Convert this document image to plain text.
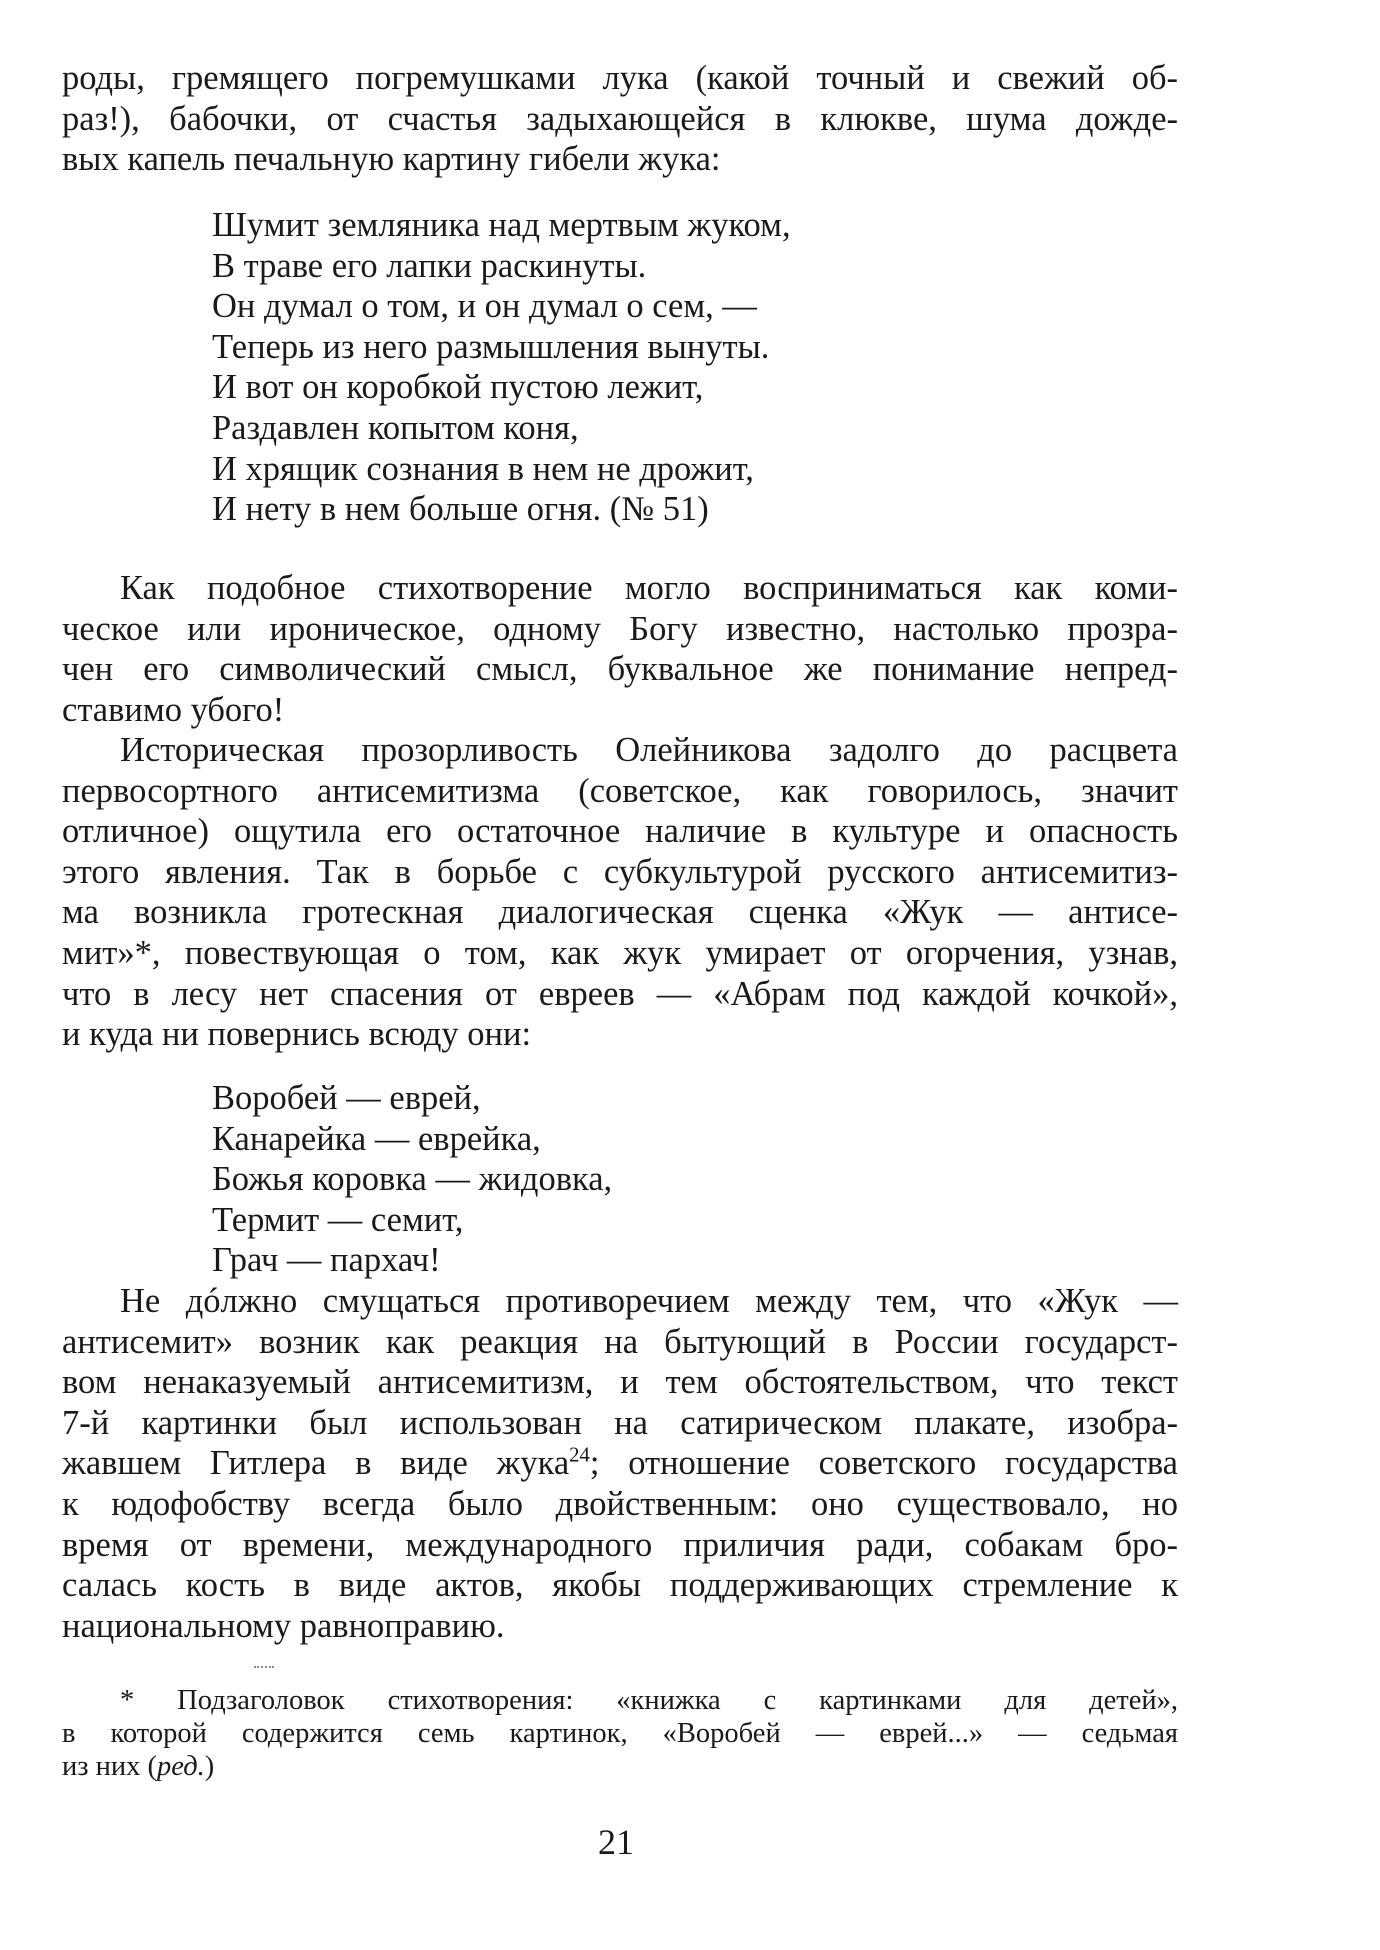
роды, гремящего погремушками лука (какой точный и свежий об-
раз!), бабочки, от счастья задыхающейся в клюкве, шума дожде-
вых капель печальную картину гибели жука:
Шумит земляника над мертвым жуком,
В траве его лапки раскинуты.
Он думал о том, и он думал о сем, —
Теперь из него размышления вынуты.
И вот он коробкой пустою лежит,
Раздавлен копытом коня,
И хрящик сознания в нем не дрожит,
И нету в нем больше огня. (№ 51)
Как подобное стихотворение могло восприниматься как коми-
ческое или ироническое, одному Богу известно, настолько прозра-
чен его символический смысл, буквальное же понимание непред-
ставимо убого!
Историческая прозорливость Олейникова задолго до расцвета
первосортного антисемитизма (советское, как говорилось, значит
отличное) ощутила его остаточное наличие в культуре и опасность
этого явления. Так в борьбе с субкультурой русского антисемитиз-
ма возникла гротескная диалогическая сценка «Жук — антисе-
мит»*, повествующая о том, как жук умирает от огорчения, узнав,
что в лесу нет спасения от евреев — «Абрам под каждой кочкой»,
и куда ни повернись всюду они:
Воробей — еврей,
Канарейка — еврейка,
Божья коровка — жидовка,
Термит — семит,
Грач — пархач!
Не дóлжно смущаться противоречием между тем, что «Жук —
антисемит» возник как реакция на бытующий в России государст-
вом ненаказуемый антисемитизм, и тем обстоятельством, что текст
7-й картинки был использован на сатирическом плакате, изобра-
жавшем Гитлера в виде жука$^{24}$; отношение советского государства
к юдофобству всегда было двойственным: оно существовало, но
время от времени, международного приличия ради, собакам бро-
салась кость в виде актов, якобы поддерживающих стремление к
национальному равноправию.
* Подзаголовок стихотворения: «книжка с картинками для детей»,
в которой содержится семь картинок, «Воробей — еврей...» — седьмая
из них (ред.)
21
